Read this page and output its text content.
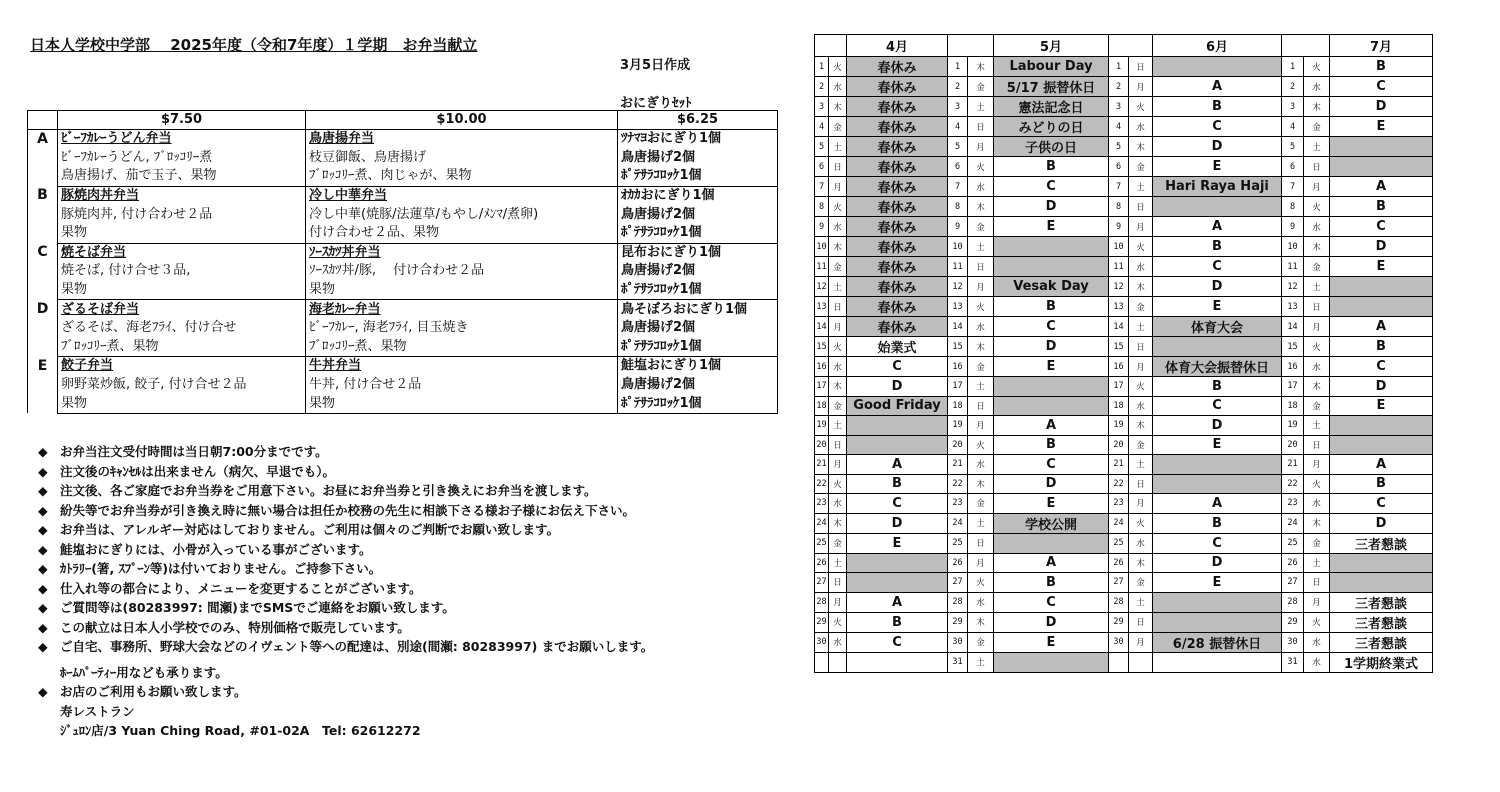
日本人学校中学部　 2025年度（令和7年度）１学期　お弁当献立
3月5日作成
おにぎりｾｯﾄ
	$7.50	$10.00	$6.25
A	ﾋﾞｰﾌｶﾚｰうどん弁当	鳥唐揚弁当	ﾂﾅﾏﾖおにぎり1個
	ﾋﾞｰﾌｶﾚｰうどん, ﾌﾞﾛｯｺﾘｰ煮	枝豆御飯、鳥唐揚げ	鳥唐揚げ2個
	鳥唐揚げ、茄で玉子、果物	ﾌﾞﾛｯｺﾘｰ煮、肉じゃが、果物	ﾎﾟﾃｻﾗｺﾛｯｹ1個
B	豚焼肉丼弁当	冷し中華弁当	ｵｶｶおにぎり1個
	豚焼肉丼, 付け合わせ２品	冷し中華(焼豚/法蓮草/もやし/ﾒﾝﾏ/煮卵)	鳥唐揚げ2個
	果物	付け合わせ２品、果物	ﾎﾟﾃｻﾗｺﾛｯｹ1個
C	焼そば弁当	ｿｰｽｶﾂ丼弁当	昆布おにぎり1個
	焼そば, 付け合せ３品,	ｿｰｽｶﾂ丼/豚,　 付け合わせ２品	鳥唐揚げ2個
	果物	果物	ﾎﾟﾃｻﾗｺﾛｯｹ1個
D	ざるそば弁当	海老ｶﾚｰ弁当	鳥そぼろおにぎり1個
	ざるそば、海老ﾌﾗｲ、付け合せ	ﾋﾞｰﾌｶﾚｰ, 海老ﾌﾗｲ, 目玉焼き	鳥唐揚げ2個
	ﾌﾞﾛｯｺﾘｰ煮、果物	ﾌﾞﾛｯｺﾘｰ煮、果物	ﾎﾟﾃｻﾗｺﾛｯｹ1個
E	餃子弁当	牛丼弁当	鮭塩おにぎり1個
	卵野菜炒飯, 餃子, 付け合せ２品	牛丼, 付け合せ２品	鳥唐揚げ2個
	果物	果物	ﾎﾟﾃｻﾗｺﾛｯｹ1個
◆ お弁当注文受付時間は当日朝7:00分までです。
◆ 注文後のｷｬﾝｾﾙは出来ません（病欠、早退でも）。
◆ 注文後、各ご家庭でお弁当券をご用意下さい。お昼にお弁当券と引き換えにお弁当を渡します。
◆ 紛失等でお弁当券が引き換え時に無い場合は担任か校務の先生に相談下さる様お子様にお伝え下さい。
◆ お弁当は、アレルギー対応はしておりません。ご利用は個々のご判断でお願い致します。
◆ 鮭塩おにぎりには、小骨が入っている事がございます。
◆ ｶﾄﾗﾘｰ(箸, ｽﾌﾟｰﾝ等)は付いておりません。ご持参下さい。
◆ 仕入れ等の都合により、メニューを変更することがございます。
◆ ご質問等は(80283997: 間瀬)までSMSでご連絡をお願い致します。
◆ この献立は日本人小学校でのみ、特別価格で販売しています。
◆ ご自宅、事務所、野球大会などのイヴェント等への配達は、別途(間瀬: 80283997) までお願いします。
ﾎｰﾑﾊﾟｰﾃｨｰ用なども承ります。
◆ お店のご利用もお願い致します。
寿レストラン
ｼﾞｭﾛﾝ店/3 Yuan Ching Road, #01-02A　Tel: 62612272
		4月			5月			6月			7月
1	火	春休み	1	木	Labour Day	1	日		1	火	B
2	水	春休み	2	金	5/17 振替休日	2	月	A	2	水	C
3	木	春休み	3	土	憲法記念日	3	火	B	3	木	D
4	金	春休み	4	日	みどりの日	4	水	C	4	金	E
5	土	春休み	5	月	子供の日	5	木	D	5	土	
6	日	春休み	6	火	B	6	金	E	6	日	
7	月	春休み	7	水	C	7	土	Hari Raya Haji	7	月	A
8	火	春休み	8	木	D	8	日		8	火	B
9	水	春休み	9	金	E	9	月	A	9	水	C
10	木	春休み	10	土		10	火	B	10	木	D
11	金	春休み	11	日		11	水	C	11	金	E
12	土	春休み	12	月	Vesak Day	12	木	D	12	土	
13	日	春休み	13	火	B	13	金	E	13	日	
14	月	春休み	14	水	C	14	土	体育大会	14	月	A
15	火	始業式	15	木	D	15	日		15	火	B
16	水	C	16	金	E	16	月	体育大会振替休日	16	水	C
17	木	D	17	土		17	火	B	17	木	D
18	金	Good Friday	18	日		18	水	C	18	金	E
19	土		19	月	A	19	木	D	19	土	
20	日		20	火	B	20	金	E	20	日	
21	月	A	21	水	C	21	土		21	月	A
22	火	B	22	木	D	22	日		22	火	B
23	水	C	23	金	E	23	月	A	23	水	C
24	木	D	24	土	学校公開	24	火	B	24	木	D
25	金	E	25	日		25	水	C	25	金	三者懇談
26	土		26	月	A	26	木	D	26	土	
27	日		27	火	B	27	金	E	27	日	
28	月	A	28	水	C	28	土		28	月	三者懇談
29	火	B	29	木	D	29	日		29	火	三者懇談
30	水	C	30	金	E	30	月	6/28 振替休日	30	水	三者懇談
			31	土					31	水	1学期終業式
